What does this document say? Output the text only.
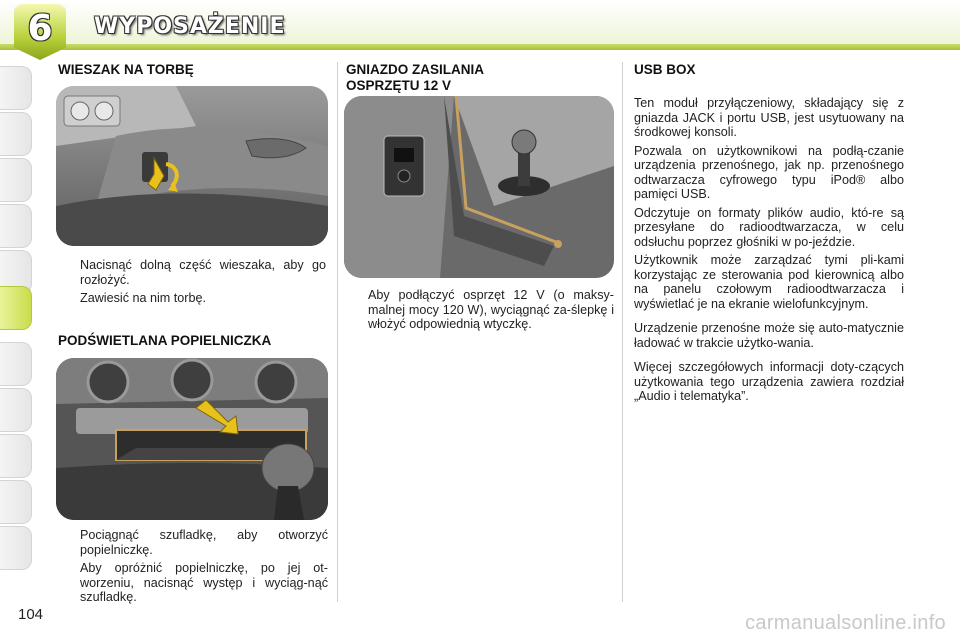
6	WYPOSAŻENIE
WIESZAK NA TORBĘ
Nacisnąć dolną część wieszaka, aby go rozłożyć.
Zawiesić na nim torbę.
PODŚWIETLANA POPIELNICZKA
Pociągnąć szufladkę, aby otworzyć popielniczkę.
Aby opróżnić popielniczkę, po jej ot-worzeniu, nacisnąć występ i wyciąg-nąć szufladkę.
GNIAZDO ZASILANIA
OSPRZĘTU 12 V
Aby podłączyć osprzęt 12 V (o maksy-malnej mocy 120 W), wyciągnąć za-ślepkę i włożyć odpowiednią wtyczkę.
USB BOX

Ten moduł przyłączeniowy, składający się z gniazda JACK i portu USB, jest usytuowany na środkowej konsoli.

Pozwala on użytkownikowi na podłą-czanie urządzenia przenośnego, jak np. przenośnego odtwarzacza cyfrowego typu iPod® albo pamięci USB.

Odczytuje on formaty plików audio, któ-re są przesyłane do radioodtwarzacza, w celu odsłuchu poprzez głośniki w po-jeździe.

Użytkownik może zarządzać tymi pli-kami korzystając ze sterowania pod kierownicą albo na panelu czołowym radioodtwarzacza i wyświetlać je na ekranie wielofunkcyjnym.

Urządzenie przenośne może się auto-matycznie ładować w trakcie użytko-wania.

Więcej szczegółowych informacji doty-czących użytkowania tego urządzenia zawiera rozdział „Audio i telematyka”.

104	carmanualsonline.info
